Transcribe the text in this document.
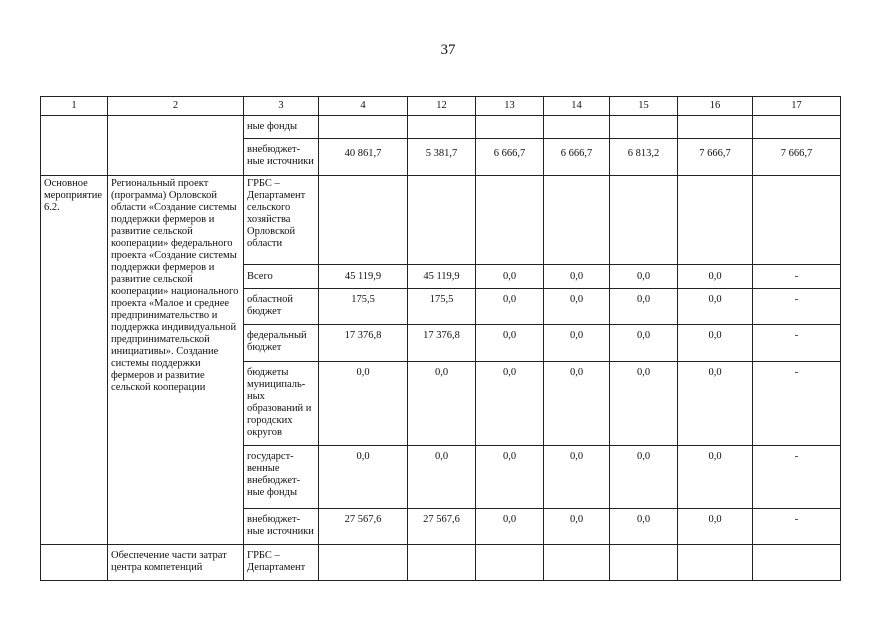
37
1	2	3	4	12	13	14	15	16	17
		ные фонды							
		внебюджет-ные источники	40 861,7	5 381,7	6 666,7	6 666,7	6 813,2	7 666,7	7 666,7
Основное мероприятие 6.2.	Региональный проект (программа) Орловской области «Создание системы поддержки фермеров и развитие сельской кооперации» федерального проекта «Создание системы поддержки фермеров и развитие сельской кооперации» национального проекта «Малое и среднее предпринимательство и поддержка индивидуальной предпринимательской инициативы». Создание системы поддержки фермеров и развитие сельской кооперации	ГРБС – Департамент сельского хозяйства Орловской области							
		Всего	45 119,9	45 119,9	0,0	0,0	0,0	0,0	-
		областной бюджет	175,5	175,5	0,0	0,0	0,0	0,0	-
		федеральный бюджет	17 376,8	17 376,8	0,0	0,0	0,0	0,0	-
		бюджеты муниципаль-ных образований и городских округов	0,0	0,0	0,0	0,0	0,0	0,0	-
		государст-венные внебюджет-ные фонды	0,0	0,0	0,0	0,0	0,0	0,0	-
		внебюджет-ные источники	27 567,6	27 567,6	0,0	0,0	0,0	0,0	-
	Обеспечение части затрат центра компетенций	ГРБС – Департамент							
